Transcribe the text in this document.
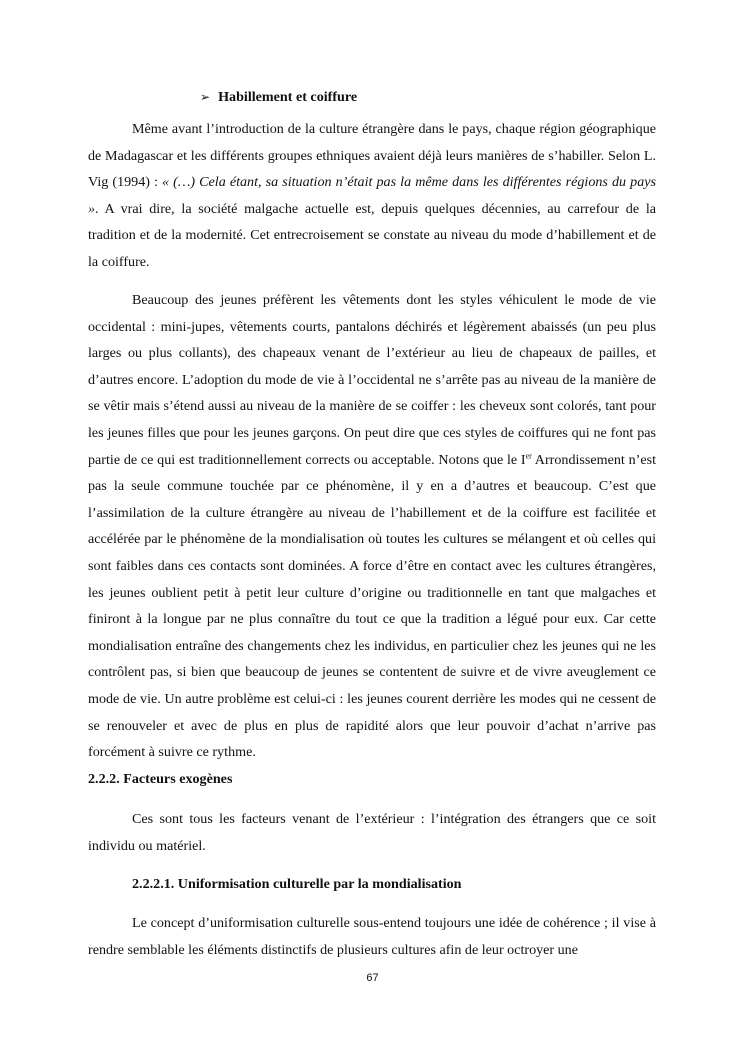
➢ Habillement et coiffure

Même avant l’introduction de la culture étrangère dans le pays, chaque région géographique de Madagascar et les différents groupes ethniques avaient déjà leurs manières de s’habiller. Selon L. Vig (1994) : « (…) Cela étant, sa situation n’était pas la même dans les différentes régions du pays ». A vrai dire, la société malgache actuelle est, depuis quelques décennies, au carrefour de la tradition et de la modernité. Cet entrecroisement se constate au niveau du mode d’habillement et de la coiffure.

Beaucoup des jeunes préfèrent les vêtements dont les styles véhiculent le mode de vie occidental : mini-jupes, vêtements courts, pantalons déchirés et légèrement abaissés (un peu plus larges ou plus collants), des chapeaux venant de l’extérieur au lieu de chapeaux de pailles, et d’autres encore. L’adoption du mode de vie à l’occidental ne s’arrête pas au niveau de la manière de se vêtir mais s’étend aussi au niveau de la manière de se coiffer : les cheveux sont colorés, tant pour les jeunes filles que pour les jeunes garçons. On peut dire que ces styles de coiffures qui ne font pas partie de ce qui est traditionnellement corrects ou acceptable. Notons que le Ier Arrondissement n’est pas la seule commune touchée par ce phénomène, il y en a d’autres et beaucoup. C’est que l’assimilation de la culture étrangère au niveau de l’habillement et de la coiffure est facilitée et accélérée par le phénomène de la mondialisation où toutes les cultures se mélangent et où celles qui sont faibles dans ces contacts sont dominées. A force d’être en contact avec les cultures étrangères, les jeunes oublient petit à petit leur culture d’origine ou traditionnelle en tant que malgaches et finiront à la longue par ne plus connaître du tout ce que la tradition a légué pour eux. Car cette mondialisation entraîne des changements chez les individus, en particulier chez les jeunes qui ne les contrôlent pas, si bien que beaucoup de jeunes se contentent de suivre et de vivre aveuglement ce mode de vie. Un autre problème est celui-ci : les jeunes courent derrière les modes qui ne cessent de se renouveler et avec de plus en plus de rapidité alors que leur pouvoir d’achat n’arrive pas forcément à suivre ce rythme.

2.2.2. Facteurs exogènes

Ces sont tous les facteurs venant de l’extérieur : l’intégration des étrangers que ce soit individu ou matériel.

2.2.2.1. Uniformisation culturelle par la mondialisation

Le concept d’uniformisation culturelle sous-entend toujours une idée de cohérence ; il vise à rendre semblable les éléments distinctifs de plusieurs cultures afin de leur octroyer une

67
